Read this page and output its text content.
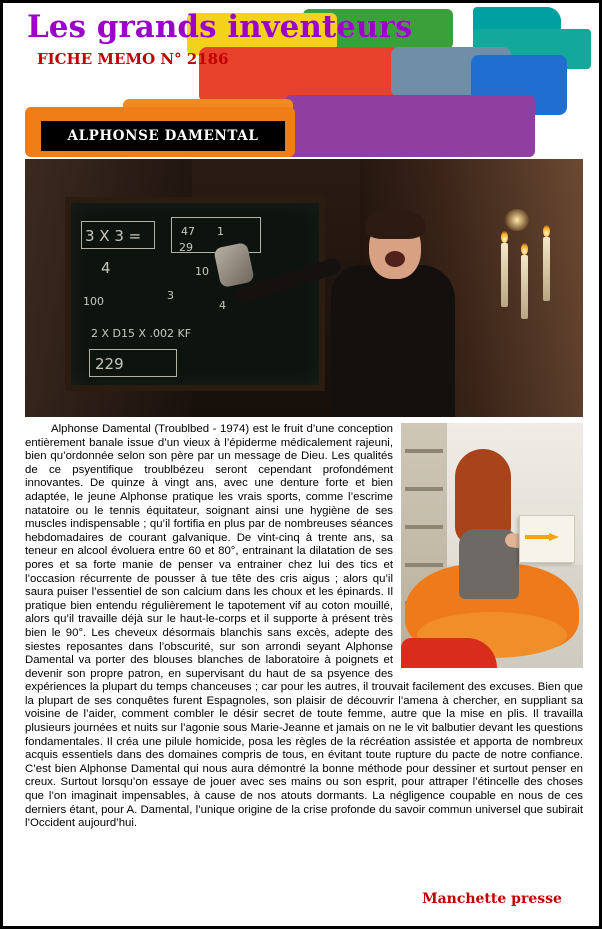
Les grands inventeurs
FICHE MEMO N° 2186
ALPHONSE DAMENTAL
3 X 3 =
4
100
47 1
29
10
3
4
2 X D15 X .002 KF
229

Alphonse Damental (Troublbed - 1974) est le fruit d’une conception entièrement banale issue d’un vieux à l’épiderme médicalement rajeuni, bien qu’ordonnée selon son père par un message de Dieu. Les qualités de ce psyentifique troublbézeu seront cependant profondément innovantes. De quinze à vingt ans, avec une denture forte et bien adaptée, le jeune Alphonse pratique les vrais sports, comme l’escrime natatoire ou le tennis équitateur, soignant ainsi une hygiène de ses muscles indispensable ; qu’il fortifia en plus par de nombreuses séances hebdomadaires de courant galvanique. De vint-cinq à trente ans, sa teneur en alcool évoluera entre 60 et 80°, entrainant la dilatation de ses pores et sa forte manie de penser va entrainer chez lui des tics et l’occasion récurrente de pousser à tue tête des cris aigus ; alors qu’il saura puiser l’essentiel de son calcium dans les choux et les épinards. Il pratique bien entendu régulièrement le tapotement vif au coton mouillé, alors qu’il travaille déjà sur le haut-le-corps et il supporte à présent très bien le 90°. Les cheveux désormais blanchis sans excès, adepte des siestes reposantes dans l’obscurité, sur son arrondi seyant Alphonse Damental va porter des blouses blanches de laboratoire à poignets et devenir son propre patron, en supervisant du haut de sa psyence des expériences la plupart du temps chanceuses ; car pour les autres, il trouvait facilement des excuses. Bien que la plupart de ses conquêtes furent Espagnoles, son plaisir de découvrir l’amena à chercher, en suppliant sa voisine de l’aider, comment combler le désir secret de toute femme, autre que la mise en plis. Il travailla plusieurs journées et nuits sur l’agonie sous Marie-Jeanne et jamais on ne le vit balbutier devant les questions fondamentales. Il créa une pilule homicide, posa les règles de la récréation assistée et apporta de nombreux acquis essentiels dans des domaines compris de tous, en évitant toute rupture du pacte de notre confiance. C’est bien Alphonse Damental qui nous aura démontré la bonne méthode pour dessiner et surtout penser en creux. Surtout lorsqu’on essaye de jouer avec ses mains ou son esprit, pour attraper l’étincelle des choses que l’on imaginait impensables, à cause de nos atouts dormants. La négligence coupable en nous de ces derniers étant, pour A. Damental, l’unique origine de la crise profonde du savoir commun universel que subirait l’Occident aujourd’hui.

Manchette presse
